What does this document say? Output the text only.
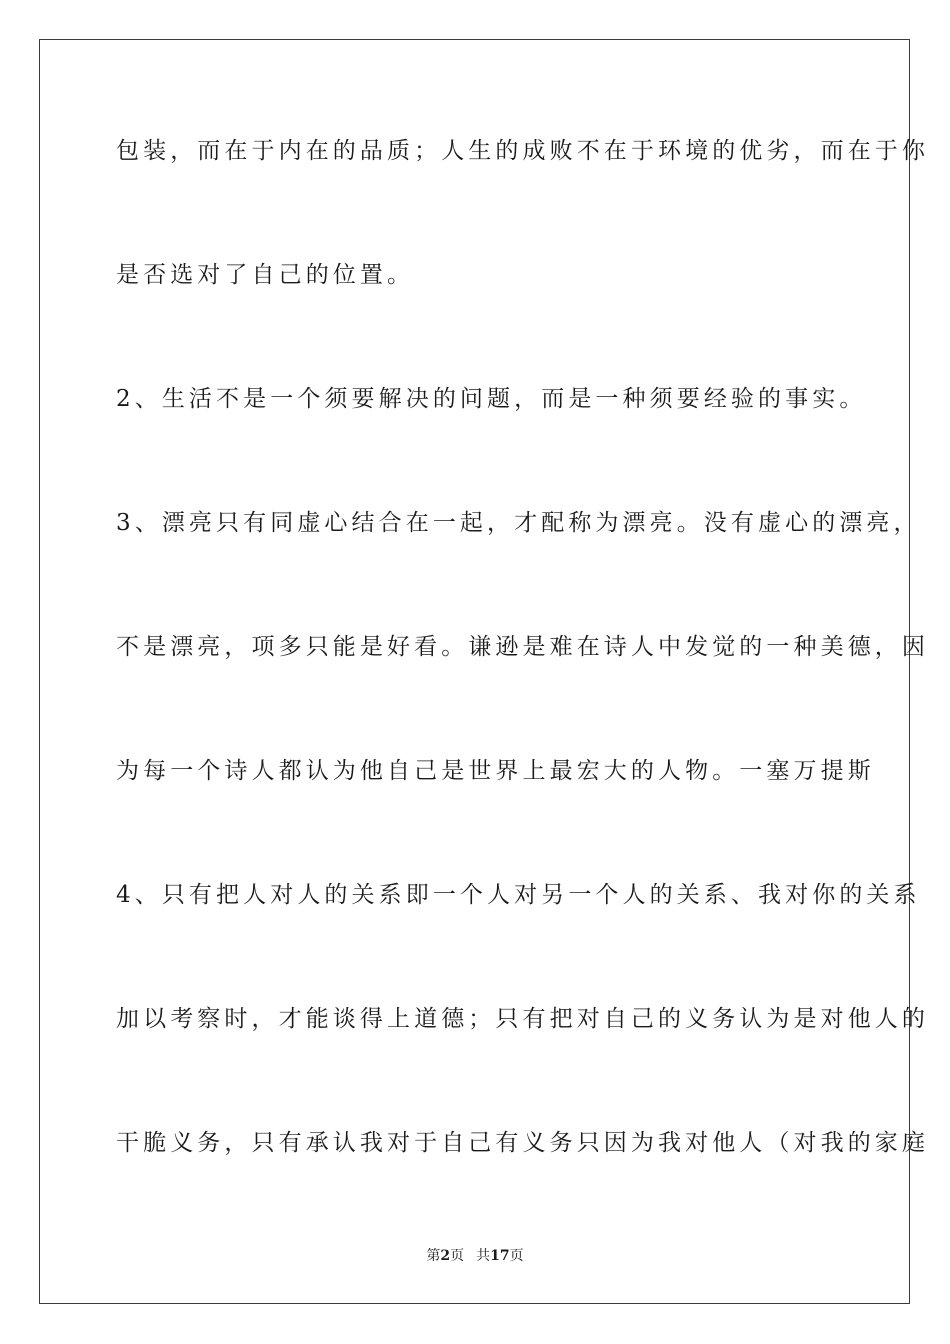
包装，而在于内在的品质；人生的成败不在于环境的优劣，而在于你
是否选对了自己的位置。
2、生活不是一个须要解决的问题，而是一种须要经验的事实。
3、漂亮只有同虚心结合在一起，才配称为漂亮。没有虚心的漂亮，
不是漂亮，项多只能是好看。谦逊是难在诗人中发觉的一种美德，因
为每一个诗人都认为他自己是世界上最宏大的人物。一塞万提斯
4、只有把人对人的关系即一个人对另一个人的关系、我对你的关系
加以考察时，才能谈得上道德；只有把对自己的义务认为是对他人的
干脆义务，只有承认我对于自己有义务只因为我对他人（对我的家庭
第2页 共17页
